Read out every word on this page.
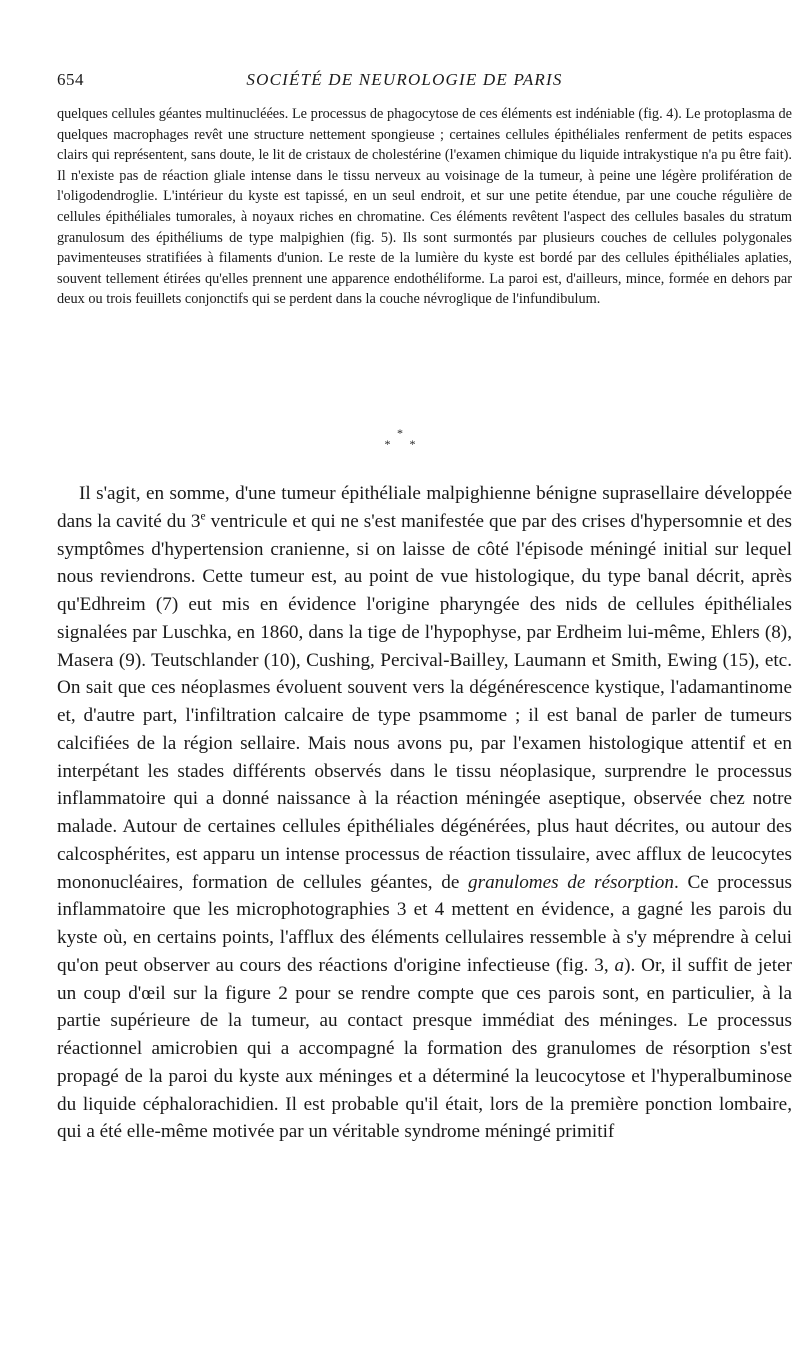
654	SOCIÉTÉ DE NEUROLOGIE DE PARIS

quelques cellules géantes multinucléées. Le processus de phagocytose de ces éléments est indéniable (fig. 4). Le protoplasma de quelques macrophages revêt une structure nettement spongieuse ; certaines cellules épithéliales renferment de petits espaces clairs qui représentent, sans doute, le lit de cristaux de cholestérine (l'examen chimique du liquide intrakystique n'a pu être fait). Il n'existe pas de réaction gliale intense dans le tissu nerveux au voisinage de la tumeur, à peine une légère prolifération de l'oligodendroglie. L'intérieur du kyste est tapissé, en un seul endroit, et sur une petite étendue, par une couche régulière de cellules épithéliales tumorales, à noyaux riches en chromatine. Ces éléments revêtent l'aspect des cellules basales du stratum granulosum des épithéliums de type malpighien (fig. 5). Ils sont surmontés par plusieurs couches de cellules polygonales pavimenteuses stratifiées à filaments d'union. Le reste de la lumière du kyste est bordé par des cellules épithéliales aplaties, souvent tellement étirées qu'elles prennent une apparence endothéliforme. La paroi est, d'ailleurs, mince, formée en dehors par deux ou trois feuillets conjonctifs qui se perdent dans la couche névroglique de l'infundibulum.

*
* *

Il s'agit, en somme, d'une tumeur épithéliale malpighienne bénigne suprasellaire développée dans la cavité du 3e ventricule et qui ne s'est manifestée que par des crises d'hypersomnie et des symptômes d'hypertension cranienne, si on laisse de côté l'épisode méningé initial sur lequel nous reviendrons. Cette tumeur est, au point de vue histologique, du type banal décrit, après qu'Edhreim (7) eut mis en évidence l'origine pharyngée des nids de cellules épithéliales signalées par Luschka, en 1860, dans la tige de l'hypophyse, par Erdheim lui-même, Ehlers (8), Masera (9). Teutschlander (10), Cushing, Percival-Bailley, Laumann et Smith, Ewing (15), etc. On sait que ces néoplasmes évoluent souvent vers la dégénérescence kystique, l'adamantinome et, d'autre part, l'infiltration calcaire de type psammome ; il est banal de parler de tumeurs calcifiées de la région sellaire. Mais nous avons pu, par l'examen histologique attentif et en interpétant les stades différents observés dans le tissu néoplasique, surprendre le processus inflammatoire qui a donné naissance à la réaction méningée aseptique, observée chez notre malade. Autour de certaines cellules épithéliales dégénérées, plus haut décrites, ou autour des calcosphérites, est apparu un intense processus de réaction tissulaire, avec afflux de leucocytes mononucléaires, formation de cellules géantes, de granulomes de résorption. Ce processus inflammatoire que les microphotographies 3 et 4 mettent en évidence, a gagné les parois du kyste où, en certains points, l'afflux des éléments cellulaires ressemble à s'y méprendre à celui qu'on peut observer au cours des réactions d'origine infectieuse (fig. 3, a). Or, il suffit de jeter un coup d'œil sur la figure 2 pour se rendre compte que ces parois sont, en particulier, à la partie supérieure de la tumeur, au contact presque immédiat des méninges. Le processus réactionnel amicrobien qui a accompagné la formation des granulomes de résorption s'est propagé de la paroi du kyste aux méninges et a déterminé la leucocytose et l'hyperalbuminose du liquide céphalorachidien. Il est probable qu'il était, lors de la première ponction lombaire, qui a été elle-même motivée par un véritable syndrome méningé primitif
